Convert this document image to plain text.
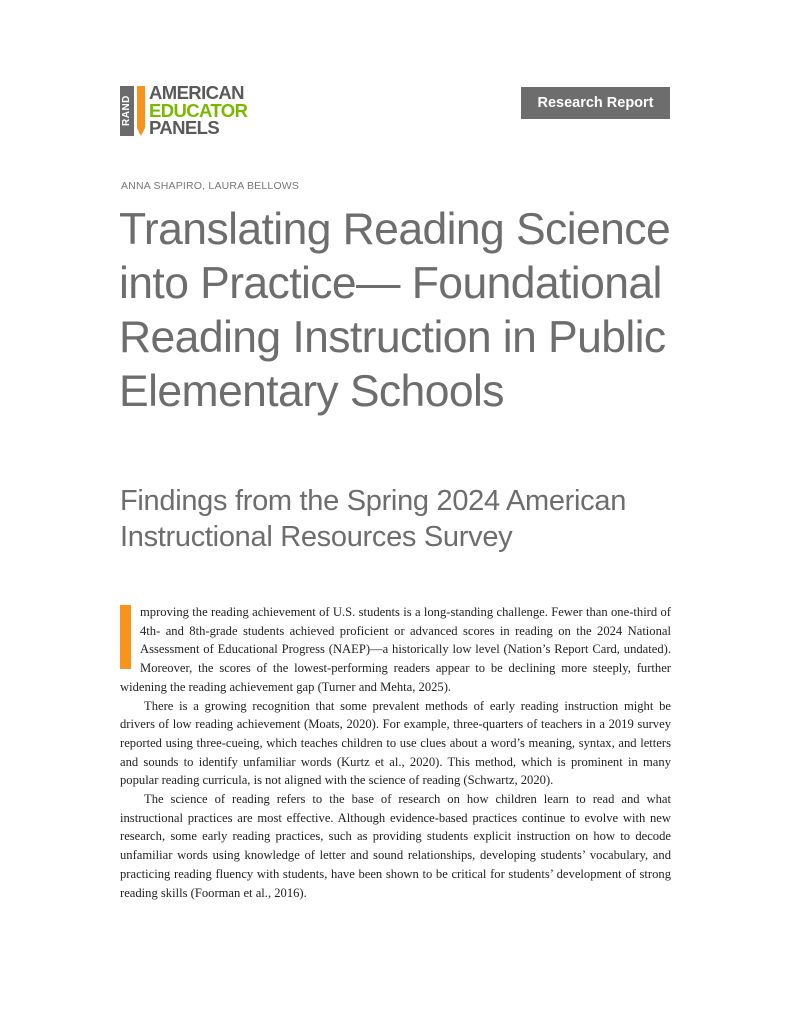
RAND
AMERICAN
EDUCATOR
PANELS
Research Report
ANNA SHAPIRO, LAURA BELLOWS
Translating Reading Science into Practice— Foundational Reading Instruction in Public Elementary Schools
Findings from the Spring 2024 American Instructional Resources Survey

mproving the reading achievement of U.S. students is a long-standing challenge. Fewer than one-third of 4th- and 8th-grade students achieved proficient or advanced scores in reading on the 2024 National Assessment of Educational Progress (NAEP)—a historically low level (Nation’s Report Card, undated). Moreover, the scores of the lowest-performing readers appear to be declining more steeply, further widening the reading achievement gap (Turner and Mehta, 2025).

There is a growing recognition that some prevalent methods of early reading instruction might be drivers of low reading achievement (Moats, 2020). For example, three-quarters of teachers in a 2019 survey reported using three-cueing, which teaches children to use clues about a word’s meaning, syntax, and letters and sounds to identify unfamiliar words (Kurtz et al., 2020). This method, which is prominent in many popular reading curricula, is not aligned with the science of reading (Schwartz, 2020).

The science of reading refers to the base of research on how children learn to read and what instructional practices are most effective. Although evidence-based practices continue to evolve with new research, some early reading practices, such as providing students explicit instruction on how to decode unfamiliar words using knowledge of letter and sound relationships, developing students’ vocabulary, and practicing reading fluency with students, have been shown to be critical for students’ development of strong reading skills (Foorman et al., 2016).
